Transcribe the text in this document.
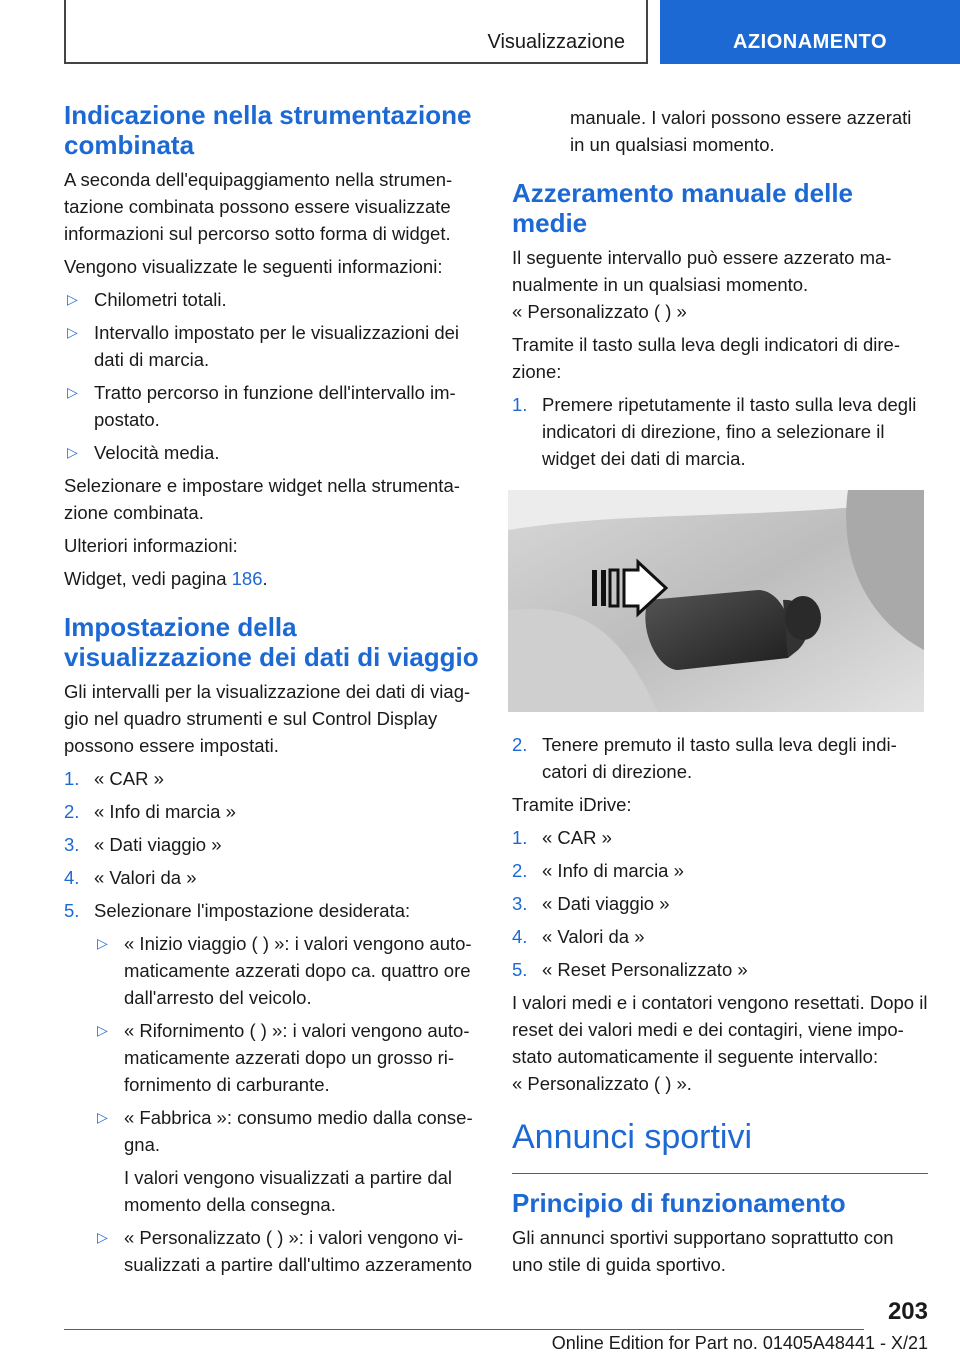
Visualizzazione	AZIONAMENTO
Indicazione nella strumentazione combinata

A seconda dell'equipaggiamento nella strumen-tazione combinata possono essere visualizzate informazioni sul percorso sotto forma di widget.

Vengono visualizzate le seguenti informazioni:

▷ Chilometri totali.
▷ Intervallo impostato per le visualizzazioni dei dati di marcia.
▷ Tratto percorso in funzione dell'intervallo im-postato.
▷ Velocità media.

Selezionare e impostare widget nella strumenta-zione combinata.

Ulteriori informazioni:

Widget, vedi pagina 186.

Impostazione della visualizzazione dei dati di viaggio

Gli intervalli per la visualizzazione dei dati di viag-gio nel quadro strumenti e sul Control Display possono essere impostati.

1. « CAR »
2. « Info di marcia »
3. « Dati viaggio »
4. « Valori da »
5. Selezionare l'impostazione desiderata:
▷ « Inizio viaggio ( ) »: i valori vengono auto-maticamente azzerati dopo ca. quattro ore dall'arresto del veicolo.
▷ « Rifornimento ( ) »: i valori vengono auto-maticamente azzerati dopo un grosso ri-fornimento di carburante.
▷ « Fabbrica »: consumo medio dalla conse-gna.
I valori vengono visualizzati a partire dal momento della consegna.
▷ « Personalizzato ( ) »: i valori vengono vi-sualizzati a partire dall'ultimo azzeramento

manuale. I valori possono essere azzerati in un qualsiasi momento.

Azzeramento manuale delle medie

Il seguente intervallo può essere azzerato ma-nualmente in un qualsiasi momento.

« Personalizzato ( ) »

Tramite il tasto sulla leva degli indicatori di dire-zione:

1. Premere ripetutamente il tasto sulla leva degli indicatori di direzione, fino a selezionare il widget dei dati di marcia.
2. Tenere premuto il tasto sulla leva degli indi-catori di direzione.

Tramite iDrive:

1. « CAR »
2. « Info di marcia »
3. « Dati viaggio »
4. « Valori da »
5. « Reset Personalizzato »

I valori medi e i contatori vengono resettati. Dopo il reset dei valori medi e dei contagiri, viene impo-stato automaticamente il seguente intervallo:

« Personalizzato ( ) ».

Annunci sportivi
Principio di funzionamento

Gli annunci sportivi supportano soprattutto con uno stile di guida sportivo.

203
Online Edition for Part no. 01405A48441 - X/21
